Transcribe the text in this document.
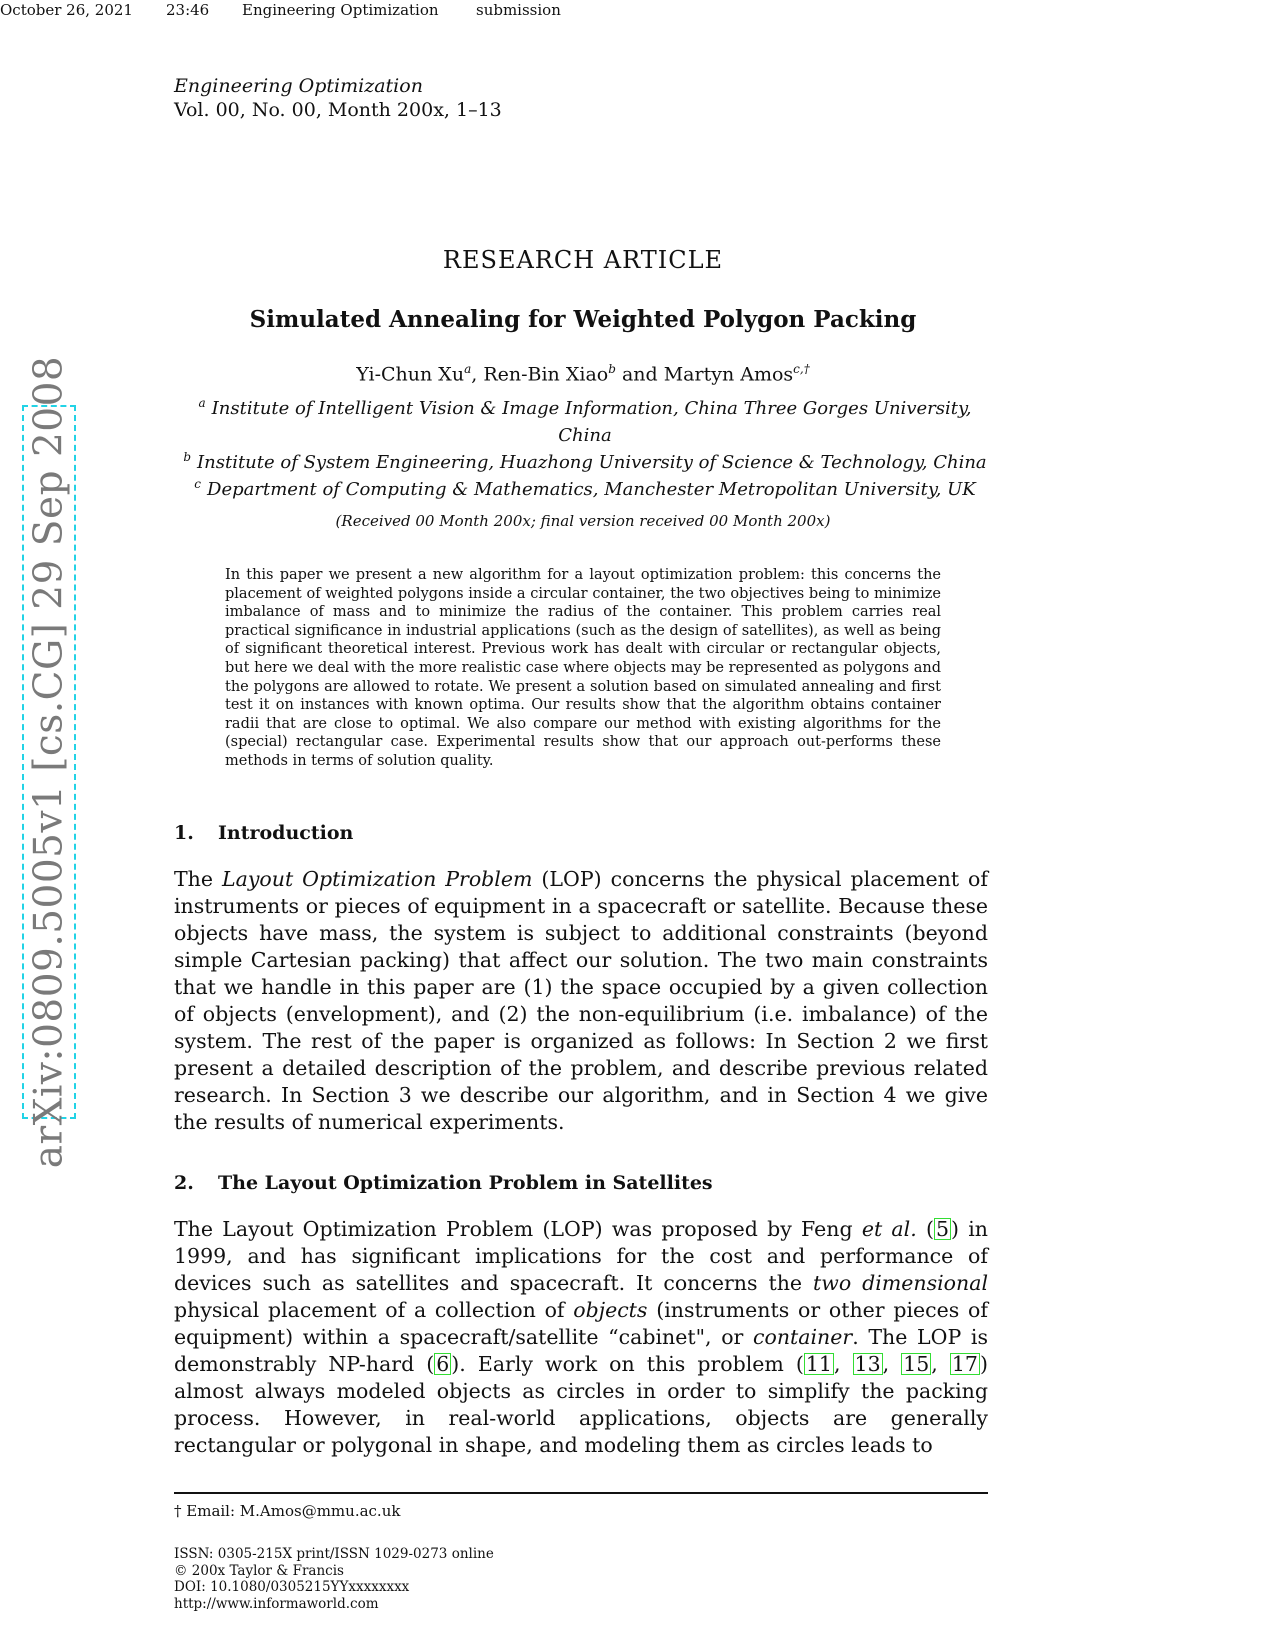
October 26, 2021 23:46 Engineering Optimization submission
Engineering Optimization
Vol. 00, No. 00, Month 200x, 1–13
arXiv:0809.5005v1 [cs.CG] 29 Sep 2008
RESEARCH ARTICLE
Simulated Annealing for Weighted Polygon Packing
Yi-Chun Xu$^a$, Ren-Bin Xiao$^b$ and Martyn Amos$^{c,\dagger}$
$^a$ Institute of Intelligent Vision & Image Information, China Three Gorges University, China
$^b$ Institute of System Engineering, Huazhong University of Science & Technology, China
$^c$ Department of Computing & Mathematics, Manchester Metropolitan University, UK
(Received 00 Month 200x; final version received 00 Month 200x)
In this paper we present a new algorithm for a layout optimization problem: this concerns the placement of weighted polygons inside a circular container, the two objectives being to minimize imbalance of mass and to minimize the radius of the container. This problem carries real practical significance in industrial applications (such as the design of satellites), as well as being of significant theoretical interest. Previous work has dealt with circular or rectangular objects, but here we deal with the more realistic case where objects may be represented as polygons and the polygons are allowed to rotate. We present a solution based on simulated annealing and first test it on instances with known optima. Our results show that the algorithm obtains container radii that are close to optimal. We also compare our method with existing algorithms for the (special) rectangular case. Experimental results show that our approach out-performs these methods in terms of solution quality.
1. Introduction
The Layout Optimization Problem (LOP) concerns the physical placement of instruments or pieces of equipment in a spacecraft or satellite. Because these objects have mass, the system is subject to additional constraints (beyond simple Cartesian packing) that affect our solution. The two main constraints that we handle in this paper are (1) the space occupied by a given collection of objects (envelopment), and (2) the non-equilibrium (i.e. imbalance) of the system. The rest of the paper is organized as follows: In Section 2 we first present a detailed description of the problem, and describe previous related research. In Section 3 we describe our algorithm, and in Section 4 we give the results of numerical experiments.
2. The Layout Optimization Problem in Satellites
The Layout Optimization Problem (LOP) was proposed by Feng et al. (5) in 1999, and has significant implications for the cost and performance of devices such as satellites and spacecraft. It concerns the two dimensional physical placement of a collection of objects (instruments or other pieces of equipment) within a spacecraft/satellite “cabinet", or container. The LOP is demonstrably NP-hard (6). Early work on this problem (11, 13, 15, 17) almost always modeled objects as circles in order to simplify the packing process. However, in real-world applications, objects are generally rectangular or polygonal in shape, and modeling them as circles leads to
† Email: M.Amos@mmu.ac.uk
ISSN: 0305-215X print/ISSN 1029-0273 online
© 200x Taylor & Francis
DOI: 10.1080/0305215YYxxxxxxxx
http://www.informaworld.com
